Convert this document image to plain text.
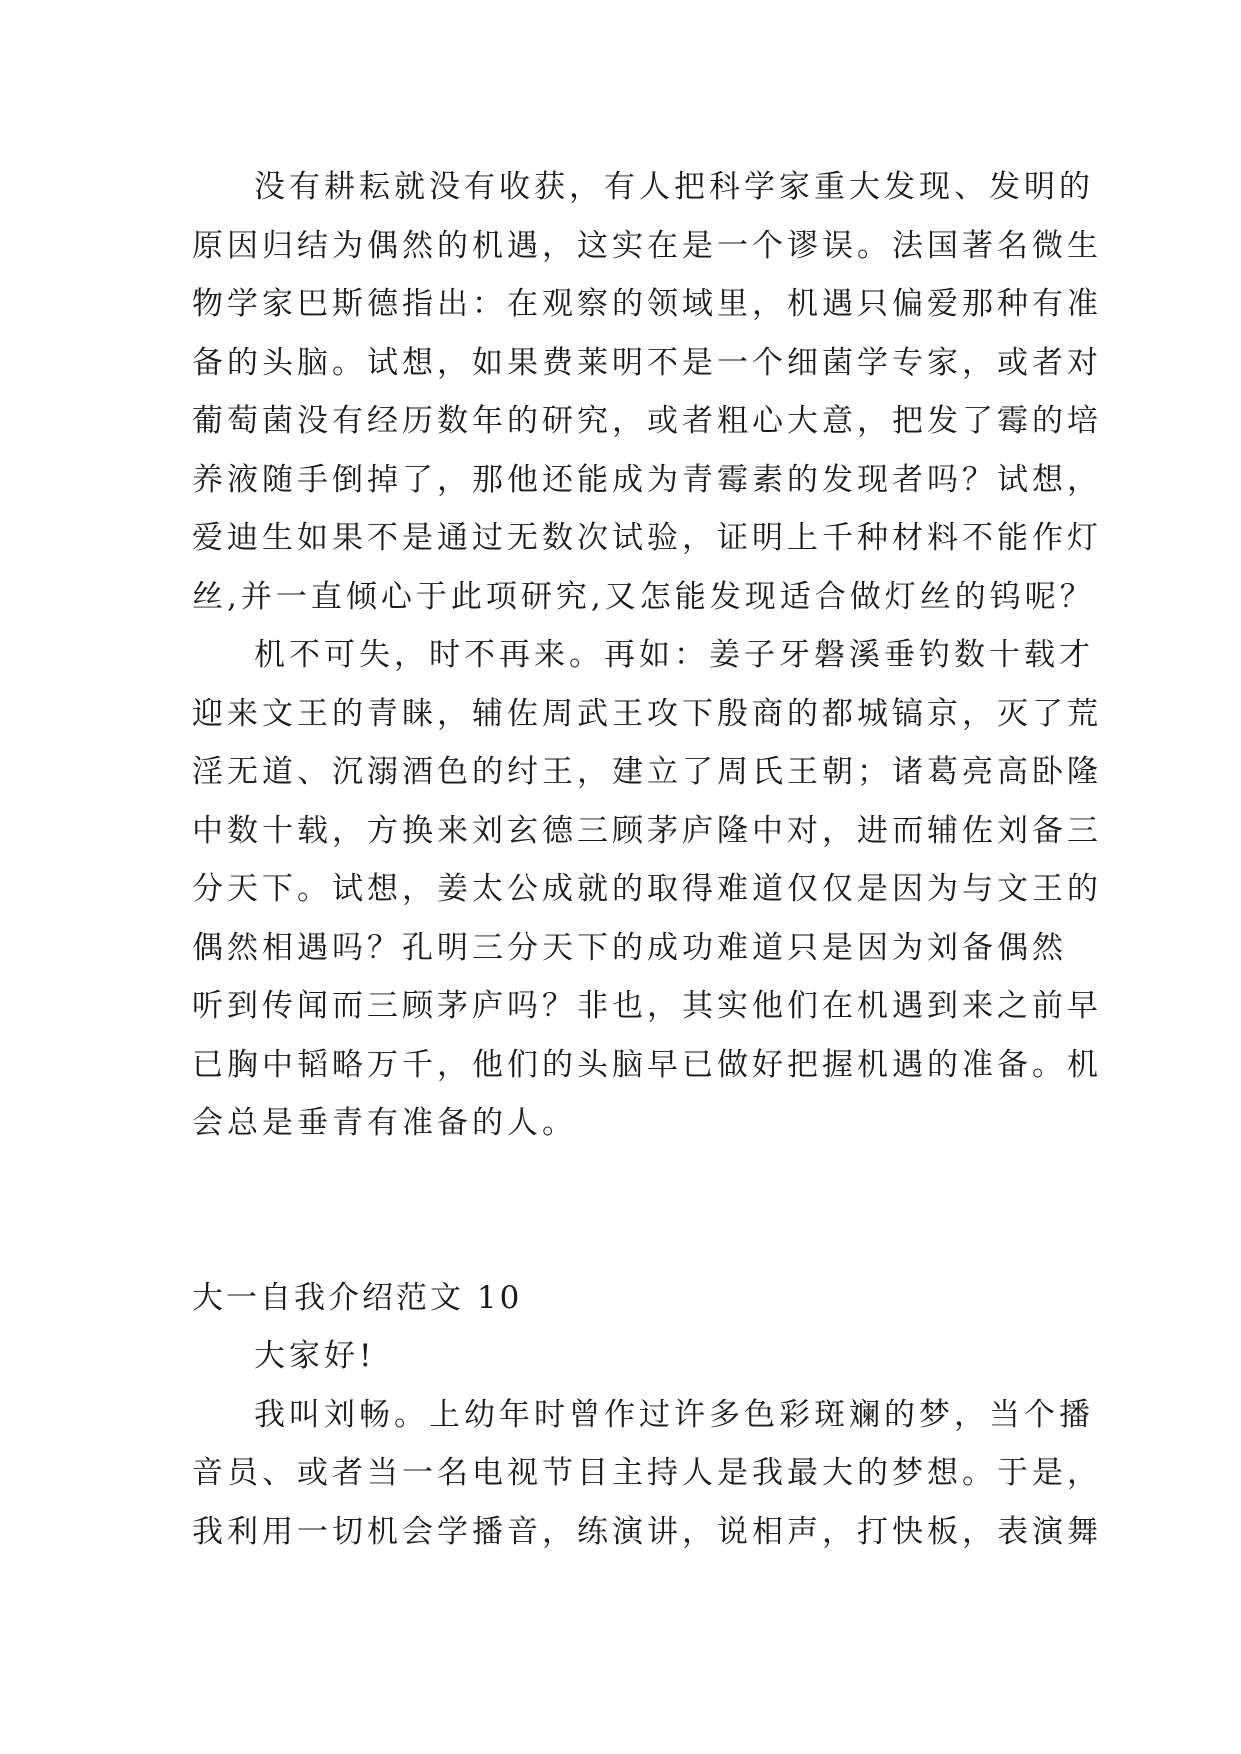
没有耕耘就没有收获，有人把科学家重大发现、发明的
原因归结为偶然的机遇，这实在是一个谬误。法国著名微生
物学家巴斯德指出：在观察的领域里，机遇只偏爱那种有准
备的头脑。试想，如果费莱明不是一个细菌学专家，或者对
葡萄菌没有经历数年的研究，或者粗心大意，把发了霉的培
养液随手倒掉了，那他还能成为青霉素的发现者吗？试想，
爱迪生如果不是通过无数次试验，证明上千种材料不能作灯
丝,并一直倾心于此项研究,又怎能发现适合做灯丝的钨呢？
机不可失，时不再来。再如：姜子牙磐溪垂钓数十载才
迎来文王的青睐，辅佐周武王攻下殷商的都城镐京，灭了荒
淫无道、沉溺酒色的纣王，建立了周氏王朝；诸葛亮高卧隆
中数十载，方换来刘玄德三顾茅庐隆中对，进而辅佐刘备三
分天下。试想，姜太公成就的取得难道仅仅是因为与文王的
偶然相遇吗？孔明三分天下的成功难道只是因为刘备偶然
听到传闻而三顾茅庐吗？非也，其实他们在机遇到来之前早
已胸中韬略万千，他们的头脑早已做好把握机遇的准备。机
会总是垂青有准备的人。
大一自我介绍范文 10
大家好!
我叫刘畅。上幼年时曾作过许多色彩斑斓的梦，当个播
音员、或者当一名电视节目主持人是我最大的梦想。于是，
我利用一切机会学播音，练演讲，说相声，打快板，表演舞
